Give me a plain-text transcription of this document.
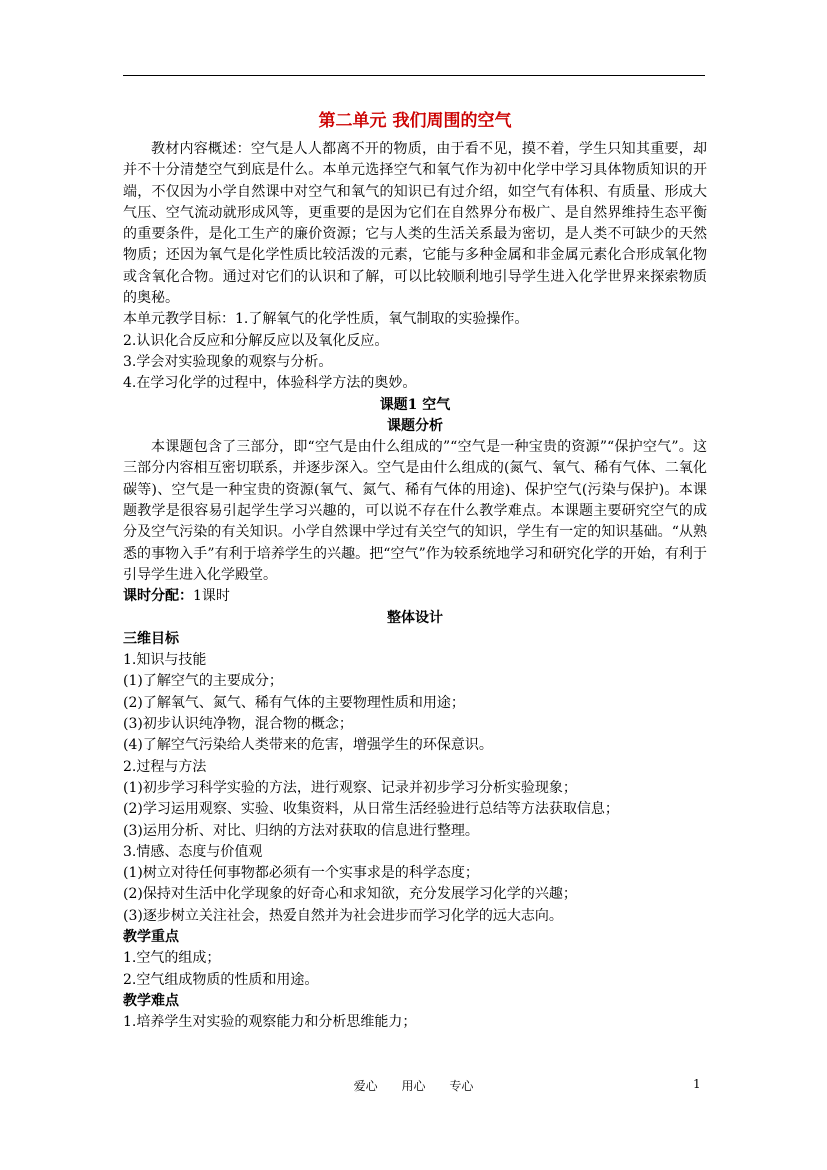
第二单元 我们周围的空气

教材内容概述：空气是人人都离不开的物质，由于看不见，摸不着，学生只知其重要，却并不十分清楚空气到底是什么。本单元选择空气和氧气作为初中化学中学习具体物质知识的开端，不仅因为小学自然课中对空气和氧气的知识已有过介绍，如空气有体积、有质量、形成大气压、空气流动就形成风等，更重要的是因为它们在自然界分布极广、是自然界维持生态平衡的重要条件，是化工生产的廉价资源；它与人类的生活关系最为密切，是人类不可缺少的天然物质；还因为氧气是化学性质比较活泼的元素，它能与多种金属和非金属元素化合形成氧化物或含氧化合物。通过对它们的认识和了解，可以比较顺利地引导学生进入化学世界来探索物质的奥秘。

本单元教学目标：1.了解氧气的化学性质，氧气制取的实验操作。

2.认识化合反应和分解反应以及氧化反应。

3.学会对实验现象的观察与分析。

4.在学习化学的过程中，体验科学方法的奥妙。

课题1 空气

课题分析

本课题包含了三部分，即“空气是由什么组成的”“空气是一种宝贵的资源”“保护空气”。这三部分内容相互密切联系，并逐步深入。空气是由什么组成的(氮气、氧气、稀有气体、二氧化碳等)、空气是一种宝贵的资源(氧气、氮气、稀有气体的用途)、保护空气(污染与保护)。本课题教学是很容易引起学生学习兴趣的，可以说不存在什么教学难点。本课题主要研究空气的成分及空气污染的有关知识。小学自然课中学过有关空气的知识，学生有一定的知识基础。“从熟悉的事物入手”有利于培养学生的兴趣。把“空气”作为较系统地学习和研究化学的开始，有利于引导学生进入化学殿堂。

课时分配：1课时

整体设计

三维目标

1.知识与技能

(1)了解空气的主要成分；

(2)了解氧气、氮气、稀有气体的主要物理性质和用途；

(3)初步认识纯净物，混合物的概念；

(4)了解空气污染给人类带来的危害，增强学生的环保意识。

2.过程与方法

(1)初步学习科学实验的方法，进行观察、记录并初步学习分析实验现象；

(2)学习运用观察、实验、收集资料，从日常生活经验进行总结等方法获取信息；

(3)运用分析、对比、归纳的方法对获取的信息进行整理。

3.情感、态度与价值观

(1)树立对待任何事物都必须有一个实事求是的科学态度；

(2)保持对生活中化学现象的好奇心和求知欲，充分发展学习化学的兴趣；

(3)逐步树立关注社会，热爱自然并为社会进步而学习化学的远大志向。

教学重点

1.空气的组成；

2.空气组成物质的性质和用途。

教学难点

1.培养学生对实验的观察能力和分析思维能力；

爱心 用心 专心	1
